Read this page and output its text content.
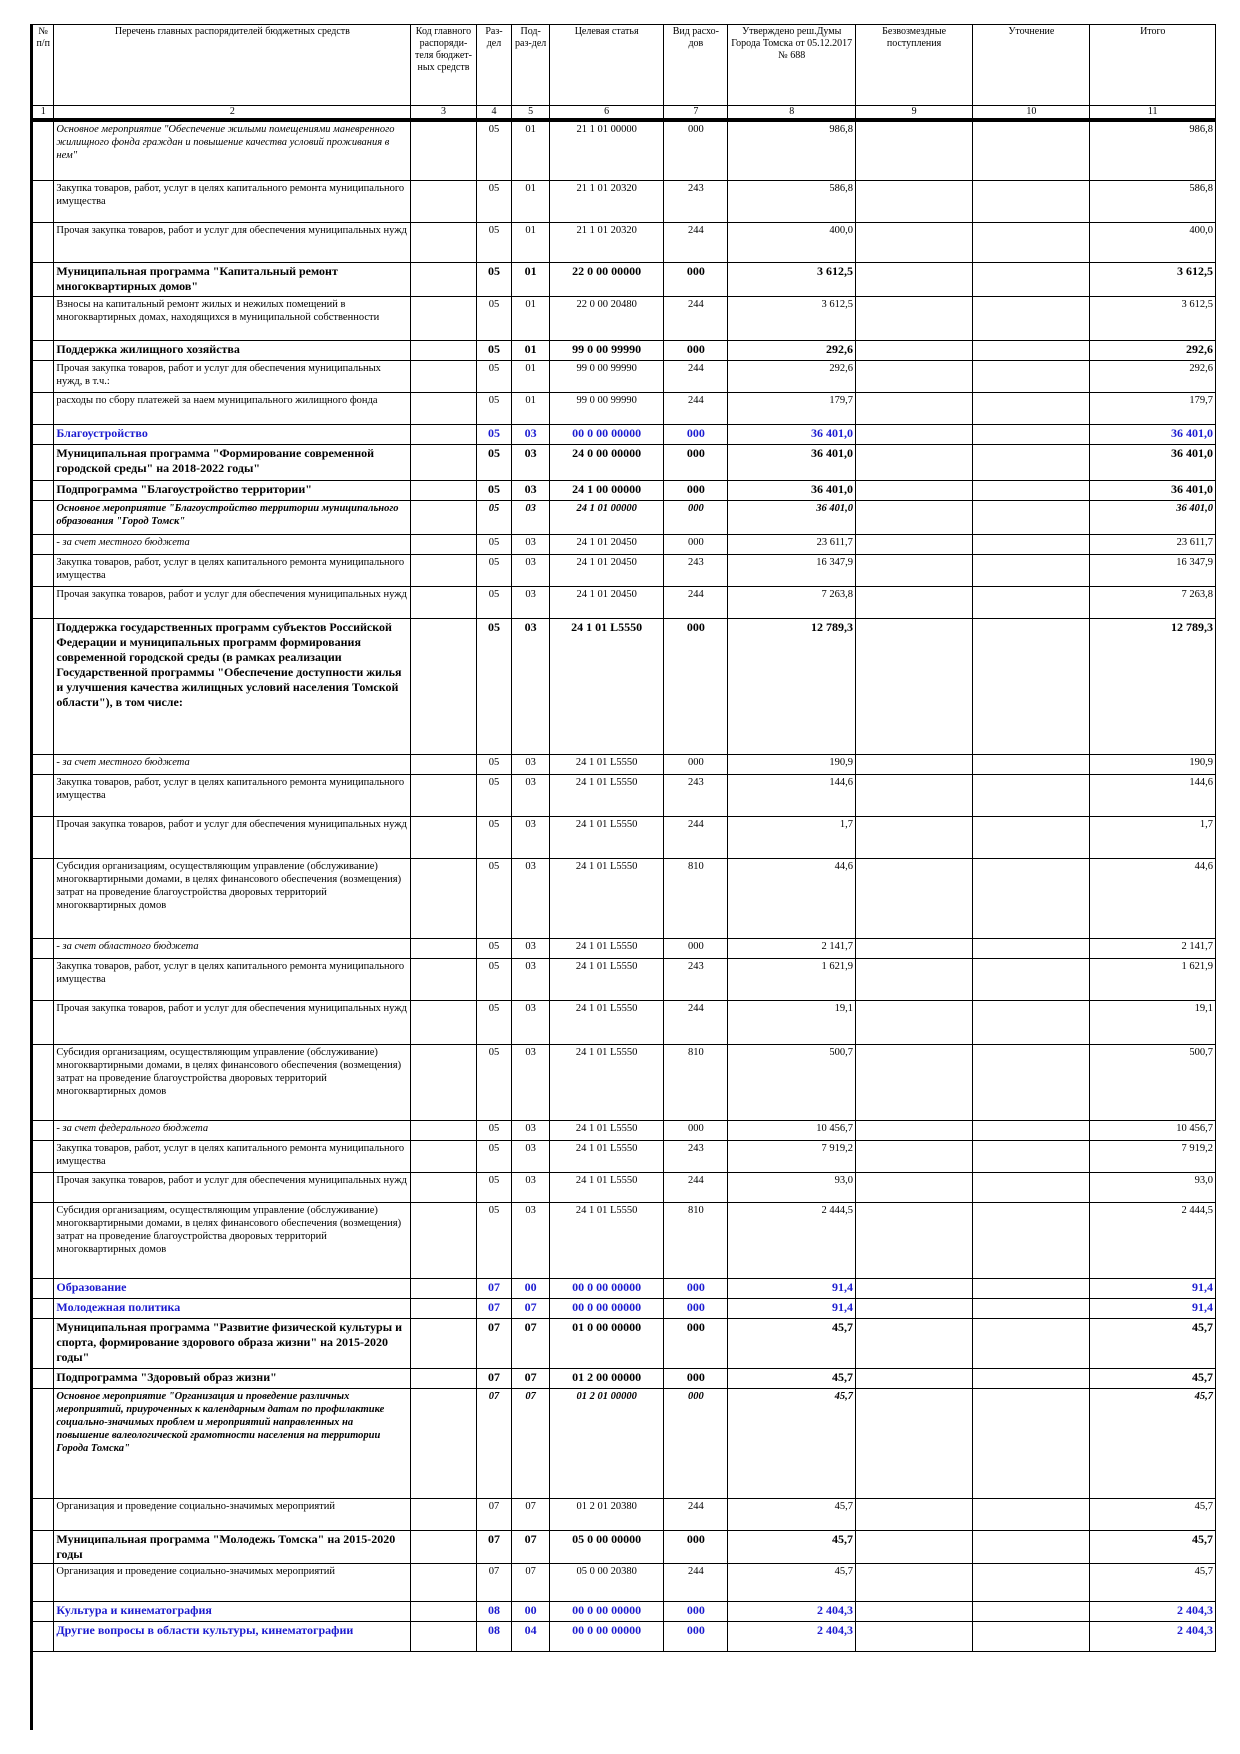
№ п/п	Перечень главных распорядителей бюджетных средств	Код главного распоряди-теля бюджет-ных средств	Раз-дел	Под-раз-дел	Целевая статья	Вид расхо-дов	Утверждено реш.Думы Города Томска от 05.12.2017 № 688	Безвозмездные поступления	Уточнение	Итого
1	2	3	4	5	6	7	8	9	10	11
	Основное мероприятие "Обеспечение жилыми помещениями маневренного жилищного фонда граждан и повышение качества условий проживания в нем"		05	01	21 1 01 00000	000	986,8			986,8
	Закупка товаров, работ, услуг в целях капитального ремонта муниципального имущества		05	01	21 1 01 20320	243	586,8			586,8
	Прочая закупка товаров, работ и услуг для обеспечения муниципальных нужд		05	01	21 1 01 20320	244	400,0			400,0
	Муниципальная программа "Капитальный ремонт многоквартирных домов"		05	01	22 0 00 00000	000	3 612,5			3 612,5
	Взносы на капитальный ремонт жилых и нежилых помещений в многоквартирных домах, находящихся в муниципальной собственности		05	01	22 0 00 20480	244	3 612,5			3 612,5
	Поддержка жилищного хозяйства		05	01	99 0 00 99990	000	292,6			292,6
	Прочая закупка товаров, работ и услуг для обеспечения муниципальных нужд, в т.ч.:		05	01	99 0 00 99990	244	292,6			292,6
	расходы по сбору платежей за наем муниципального жилищного фонда		05	01	99 0 00 99990	244	179,7			179,7
	Благоустройство		05	03	00 0 00 00000	000	36 401,0			36 401,0
	Муниципальная программа "Формирование современной городской среды" на 2018-2022 годы"		05	03	24 0 00 00000	000	36 401,0			36 401,0
	Подпрограмма "Благоустройство территории"		05	03	24 1 00 00000	000	36 401,0			36 401,0
	Основное мероприятие "Благоустройство территории муниципального образования "Город Томск"		05	03	24 1 01 00000	000	36 401,0			36 401,0
	- за счет местного бюджета		05	03	24 1 01 20450	000	23 611,7			23 611,7
	Закупка товаров, работ, услуг в целях капитального ремонта муниципального имущества		05	03	24 1 01 20450	243	16 347,9			16 347,9
	Прочая закупка товаров, работ и услуг для обеспечения муниципальных нужд		05	03	24 1 01 20450	244	7 263,8			7 263,8
	Поддержка государственных программ субъектов Российской Федерации и муниципальных программ формирования современной городской среды (в рамках реализации Государственной программы "Обеспечение доступности жилья и улучшения качества жилищных условий населения Томской области"), в том числе:		05	03	24 1 01 L5550	000	12 789,3			12 789,3
	- за счет местного бюджета		05	03	24 1 01 L5550	000	190,9			190,9
	Закупка товаров, работ, услуг в целях капитального ремонта муниципального имущества		05	03	24 1 01 L5550	243	144,6			144,6
	Прочая закупка товаров, работ и услуг для обеспечения муниципальных нужд		05	03	24 1 01 L5550	244	1,7			1,7
	Субсидия организациям, осуществляющим управление (обслуживание) многоквартирными домами, в целях финансового обеспечения (возмещения) затрат на проведение благоустройства дворовых территорий многоквартирных домов		05	03	24 1 01 L5550	810	44,6			44,6
	- за счет областного бюджета		05	03	24 1 01 L5550	000	2 141,7			2 141,7
	Закупка товаров, работ, услуг в целях капитального ремонта муниципального имущества		05	03	24 1 01 L5550	243	1 621,9			1 621,9
	Прочая закупка товаров, работ и услуг для обеспечения муниципальных нужд		05	03	24 1 01 L5550	244	19,1			19,1
	Субсидия организациям, осуществляющим управление (обслуживание) многоквартирными домами, в целях финансового обеспечения (возмещения) затрат на проведение благоустройства дворовых территорий многоквартирных домов		05	03	24 1 01 L5550	810	500,7			500,7
	- за счет федерального бюджета		05	03	24 1 01 L5550	000	10 456,7			10 456,7
	Закупка товаров, работ, услуг в целях капитального ремонта муниципального имущества		05	03	24 1 01 L5550	243	7 919,2			7 919,2
	Прочая закупка товаров, работ и услуг для обеспечения муниципальных нужд		05	03	24 1 01 L5550	244	93,0			93,0
	Субсидия организациям, осуществляющим управление (обслуживание) многоквартирными домами, в целях финансового обеспечения (возмещения) затрат на проведение благоустройства дворовых территорий многоквартирных домов		05	03	24 1 01 L5550	810	2 444,5			2 444,5
	Образование		07	00	00 0 00 00000	000	91,4			91,4
	Молодежная политика		07	07	00 0 00 00000	000	91,4			91,4
	Муниципальная программа "Развитие физической культуры и спорта, формирование здорового образа жизни" на 2015-2020 годы"		07	07	01 0 00 00000	000	45,7			45,7
	Подпрограмма "Здоровый образ жизни"		07	07	01 2 00 00000	000	45,7			45,7
	Основное мероприятие "Организация и проведение различных мероприятий, приуроченных к календарным датам по профилактике социально-значимых проблем и мероприятий направленных на повышение валеологической грамотности населения на территории Города Томска"		07	07	01 2 01 00000	000	45,7			45,7
	Организация и проведение социально-значимых мероприятий		07	07	01 2 01 20380	244	45,7			45,7
	Муниципальная программа "Молодежь Томска" на 2015-2020 годы		07	07	05 0 00 00000	000	45,7			45,7
	Организация и проведение социально-значимых мероприятий		07	07	05 0 00 20380	244	45,7			45,7
	Культура и кинематография		08	00	00 0 00 00000	000	2 404,3			2 404,3
	Другие вопросы в области культуры, кинематографии		08	04	00 0 00 00000	000	2 404,3			2 404,3
